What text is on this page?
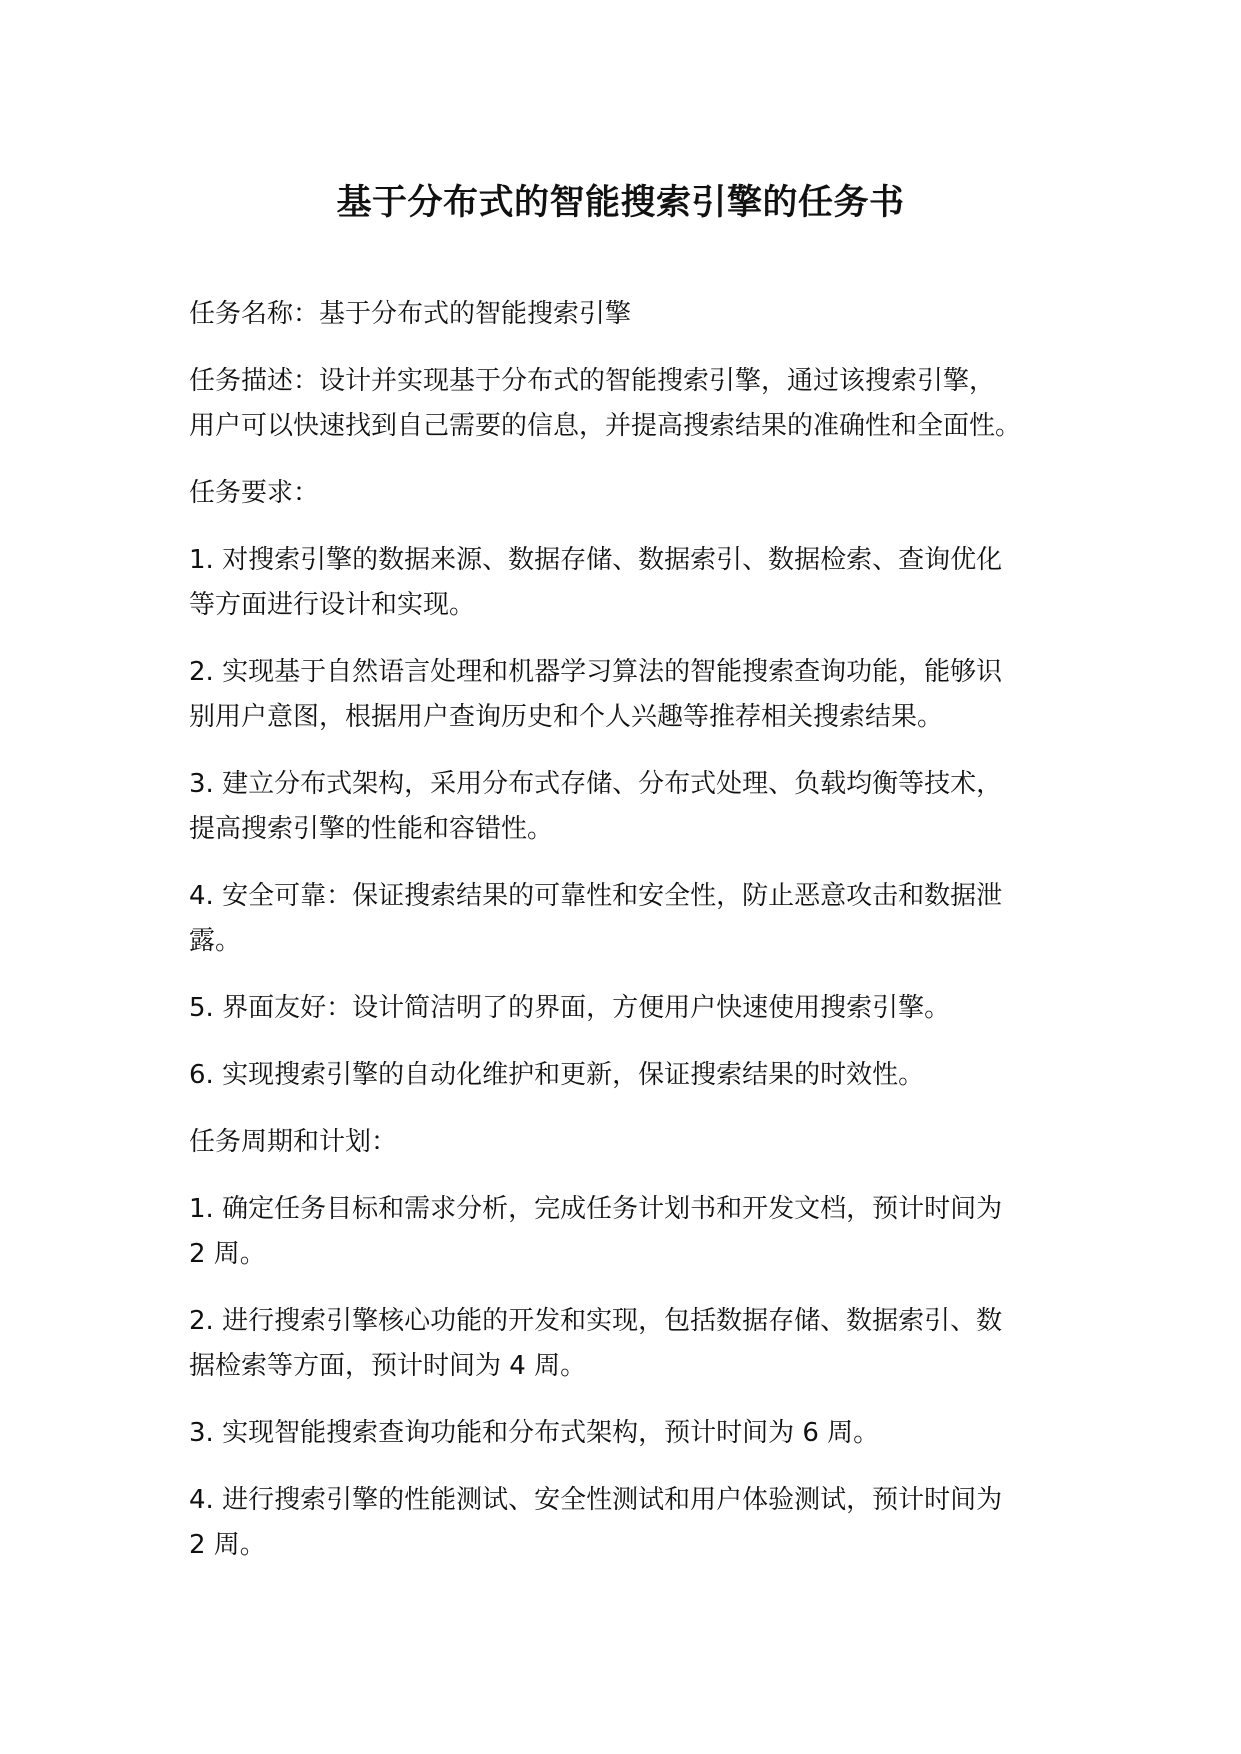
基于分布式的智能搜索引擎的任务书
任务名称：基于分布式的智能搜索引擎
任务描述：设计并实现基于分布式的智能搜索引擎，通过该搜索引擎，
用户可以快速找到自己需要的信息，并提高搜索结果的准确性和全面性。
任务要求：
1. 对搜索引擎的数据来源、数据存储、数据索引、数据检索、查询优化
等方面进行设计和实现。
2. 实现基于自然语言处理和机器学习算法的智能搜索查询功能，能够识
别用户意图，根据用户查询历史和个人兴趣等推荐相关搜索结果。
3. 建立分布式架构，采用分布式存储、分布式处理、负载均衡等技术，
提高搜索引擎的性能和容错性。
4. 安全可靠：保证搜索结果的可靠性和安全性，防止恶意攻击和数据泄
露。
5. 界面友好：设计简洁明了的界面，方便用户快速使用搜索引擎。
6. 实现搜索引擎的自动化维护和更新，保证搜索结果的时效性。
任务周期和计划：
1. 确定任务目标和需求分析，完成任务计划书和开发文档，预计时间为
2 周。
2. 进行搜索引擎核心功能的开发和实现，包括数据存储、数据索引、数
据检索等方面，预计时间为 4 周。
3. 实现智能搜索查询功能和分布式架构，预计时间为 6 周。
4. 进行搜索引擎的性能测试、安全性测试和用户体验测试，预计时间为
2 周。
